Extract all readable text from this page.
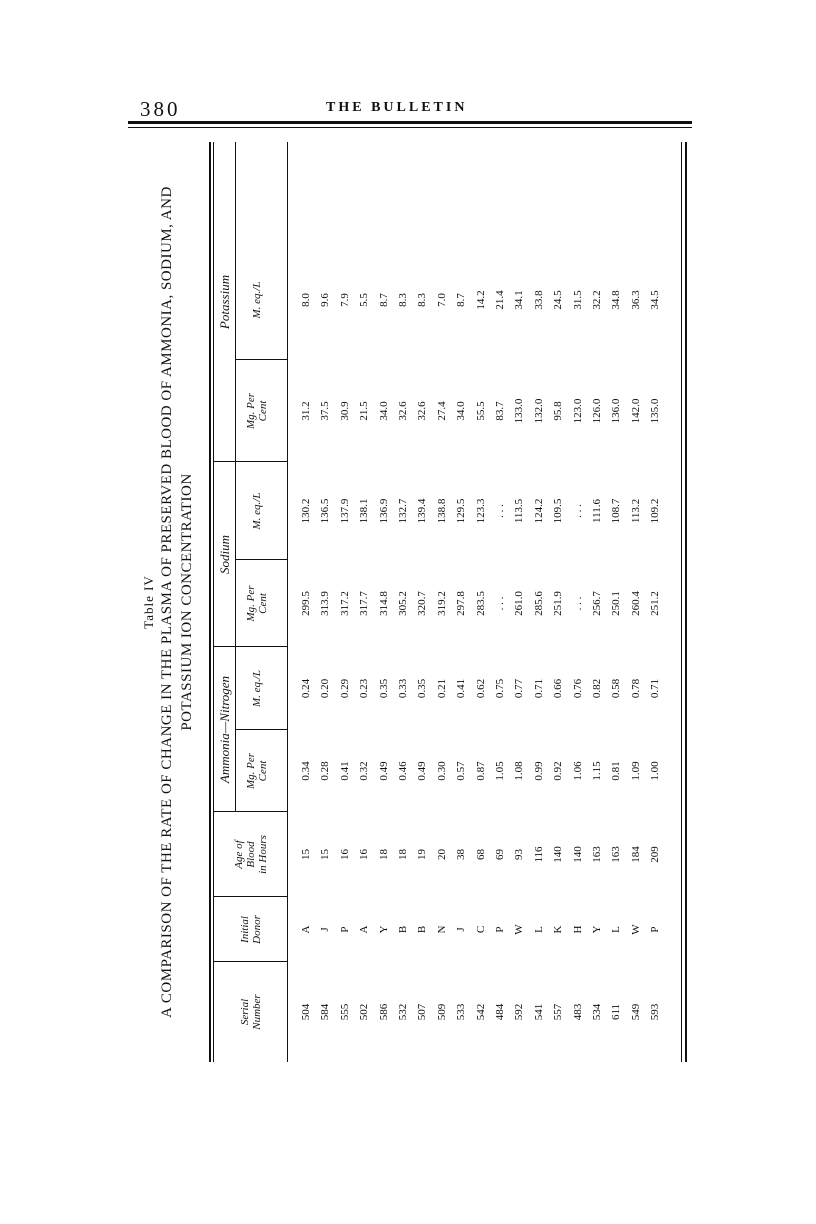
380	THE BULLETIN
Table IV A COMPARISON OF THE RATE OF CHANGE IN THE PLASMA OF PRESERVED BLOOD OF AMMONIA, SODIUM, AND POTASSIUM ION CONCENTRATION Ammonia—Nitrogen
Sodium
Potassium
Serial
Number
Initial
Donor
Age of
Blood
in Hours
Mg. Per
Cent
M. eq./L
Mg. Per
Cent
M. eq./L
Mg. Per
Cent
M. eq./L
504
A
15
0.34
0.24
299.5
130.2
31.2
8.0
584
J
15
0.28
0.20
313.9
136.5
37.5
9.6
555
P
16
0.41
0.29
317.2
137.9
30.9
7.9
502
A
16
0.32
0.23
317.7
138.1
21.5
5.5
586
Y
18
0.49
0.35
314.8
136.9
34.0
8.7
532
B
18
0.46
0.33
305.2
132.7
32.6
8.3
507
B
19
0.49
0.35
320.7
139.4
32.6
8.3
509
N
20
0.30
0.21
319.2
138.8
27.4
7.0
533
J
38
0.57
0.41
297.8
129.5
34.0
8.7
542
C
68
0.87
0.62
283.5
123.3
55.5
14.2
484
P
69
1.05
0.75
. . .
. . .
83.7
21.4
592
W
93
1.08
0.77
261.0
113.5
133.0
34.1
541
L
116
0.99
0.71
285.6
124.2
132.0
33.8
557
K
140
0.92
0.66
251.9
109.5
95.8
24.5
483
H
140
1.06
0.76
. . .
. . .
123.0
31.5
534
Y
163
1.15
0.82
256.7
111.6
126.0
32.2
611
L
163
0.81
0.58
250.1
108.7
136.0
34.8
549
W
184
1.09
0.78
260.4
113.2
142.0
36.3
593
P
209
1.00
0.71
251.2
109.2
135.0
34.5
